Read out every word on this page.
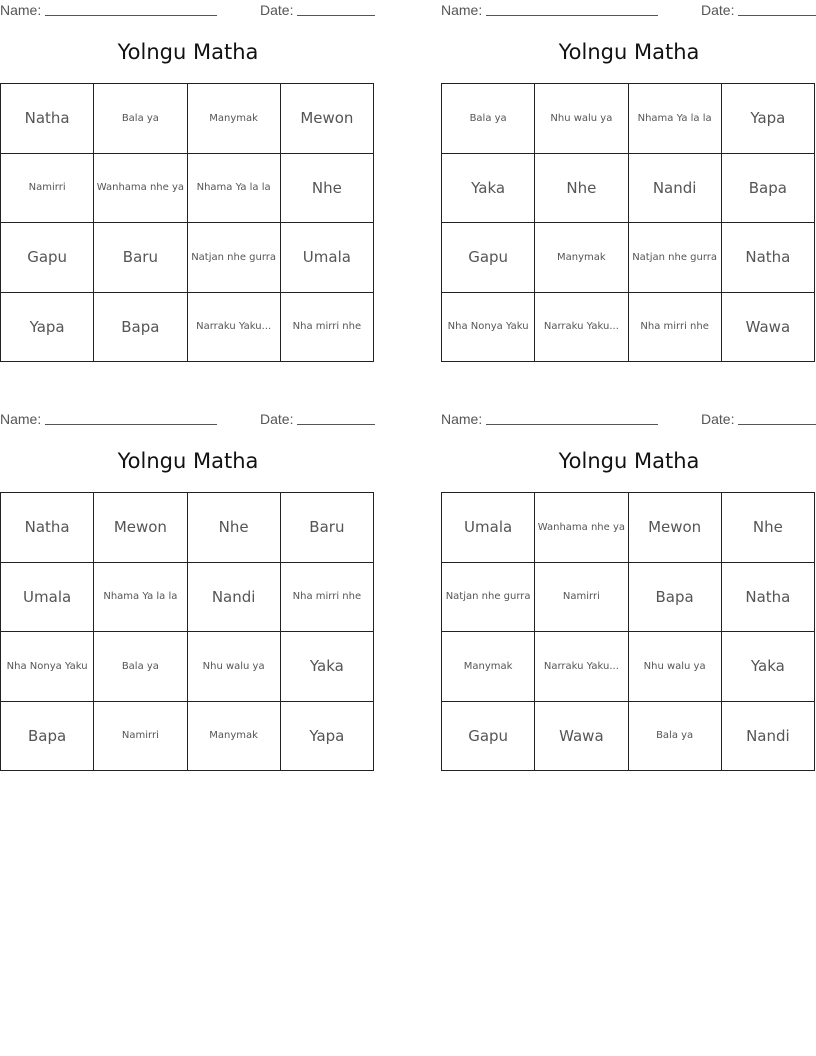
Name:	Date:
Yolngu Matha
Natha	Bala ya	Manymak	Mewon
Namirri	Wanhama nhe ya	Nhama Ya la la	Nhe
Gapu	Baru	Natjan nhe gurra	Umala
Yapa	Bapa	Narraku Yaku...	Nha mirri nhe
Name:	Date:
Yolngu Matha
Bala ya	Nhu walu ya	Nhama Ya la la	Yapa
Yaka	Nhe	Nandi	Bapa
Gapu	Manymak	Natjan nhe gurra	Natha
Nha Nonya Yaku	Narraku Yaku...	Nha mirri nhe	Wawa
Name:	Date:
Yolngu Matha
Natha	Mewon	Nhe	Baru
Umala	Nhama Ya la la	Nandi	Nha mirri nhe
Nha Nonya Yaku	Bala ya	Nhu walu ya	Yaka
Bapa	Namirri	Manymak	Yapa
Name:	Date:
Yolngu Matha
Umala	Wanhama nhe ya	Mewon	Nhe
Natjan nhe gurra	Namirri	Bapa	Natha
Manymak	Narraku Yaku...	Nhu walu ya	Yaka
Gapu	Wawa	Bala ya	Nandi
